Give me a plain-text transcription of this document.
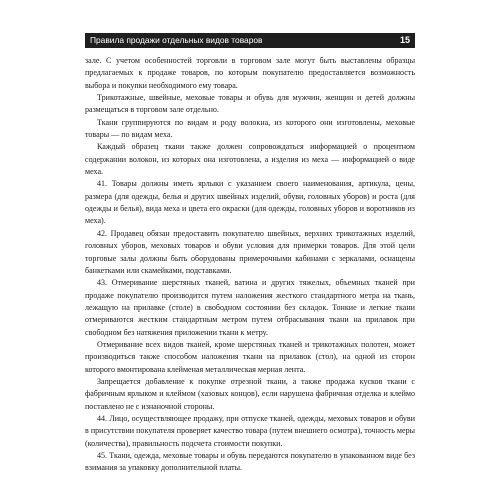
Правила продажи отдельных видов товаров	15

зале. С учетом особенностей торговли в торговом зале могут быть выставлены образцы предлагаемых к продаже товаров, по которым покупателю предоставляется возможность выбора и покупки необходимого ему товара.

Трикотажные, швейные, меховые товары и обувь для мужчин, женщин и детей должны размещаться в торговом зале отдельно.

Ткани группируются по видам и роду волокна, из которого они изготовлены, меховые товары — по видам меха.

Каждый образец ткани также должен сопровождаться информацией о процентном содержании волокон, из которых она изготовлена, а изделия из меха — информацией о виде меха.

41. Товары должны иметь ярлыки с указанием своего наименования, артикула, цены, размера (для одежды, белья и других швейных изделий, обуви, головных уборов) и роста (для одежды и белья), вида меха и цвета его окраски (для одежды, головных уборов и воротников из меха).

42. Продавец обязан предоставить покупателю швейных, верхних трикотажных изделий, головных уборов, меховых товаров и обуви условия для примерки товаров. Для этой цели торговые залы должны быть оборудованы примерочными кабинами с зеркалами, оснащены банкетками или скамейками, подставками.

43. Отмеривание шерстяных тканей, ватина и других тяжелых, объемных тканей при продаже покупателю производится путем наложения жесткого стандартного метра на ткань, лежащую на прилавке (столе) в свободном состоянии без складок. Тонкие и легкие ткани отмериваются жестким стандартным метром путем отбрасывания ткани на прилавок при свободном без натяжения приложении ткани к метру.

Отмеривание всех видов тканей, кроме шерстяных тканей и трикотажных полотен, может производиться также способом наложения ткани на прилавок (стол), на одной из сторон которого вмонтирована клейменая металлическая мерная лента.

Запрещается добавление к покупке отрезной ткани, а также продажа кусков ткани с фабричным ярлыком и клеймом (хазовых концов), если нарушена фабричная отделка и клеймо поставлено не с изнаночной стороны.

44. Лицо, осуществляющее продажу, при отпуске тканей, одежды, меховых товаров и обуви в присутствии покупателя проверяет качество товара (путем внешнего осмотра), точность меры (количества), правильность подсчета стоимости покупки.

45. Ткани, одежда, меховые товары и обувь передаются покупателю в упакованном виде без взимания за упаковку дополнительной платы.
